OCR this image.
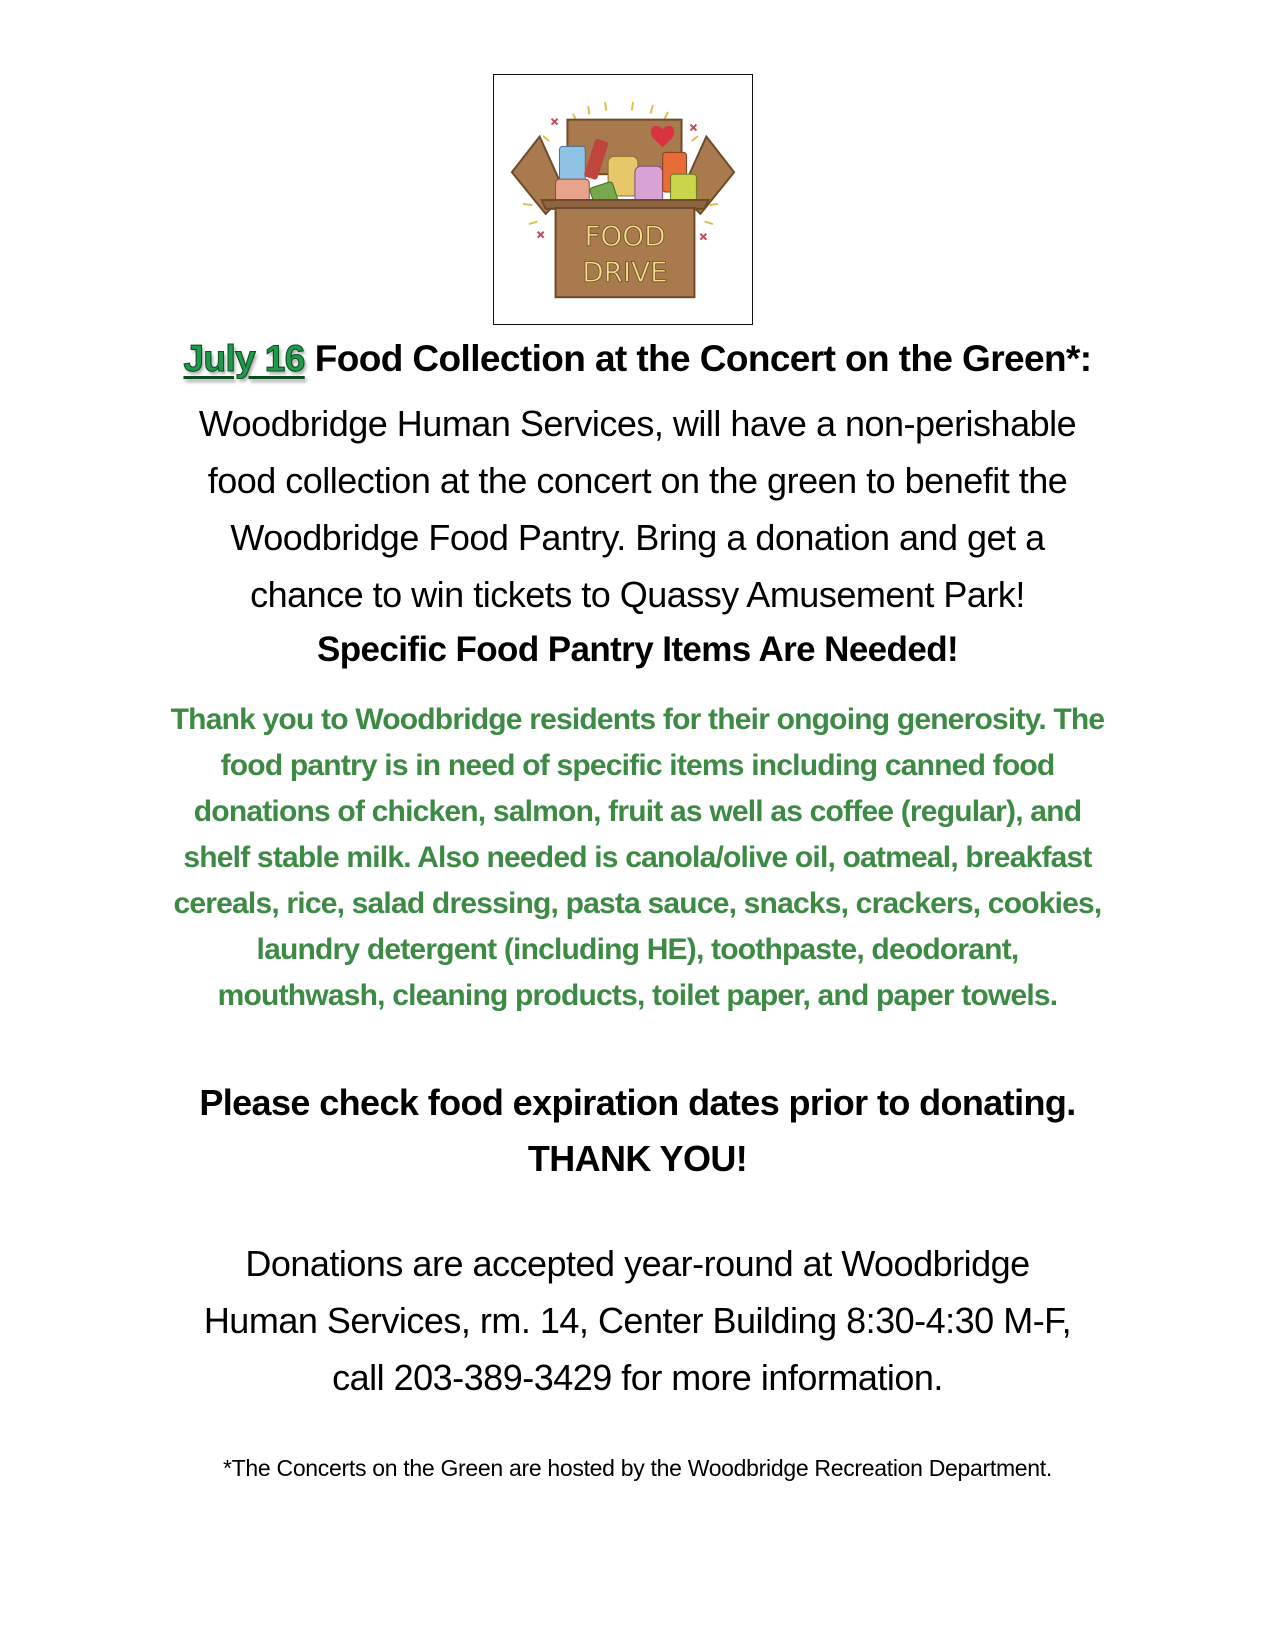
FOOD
DRIVE
July 16 Food Collection at the Concert on the Green*:
Woodbridge Human Services, will have a non-perishable
food collection at the concert on the green to benefit the
Woodbridge Food Pantry. Bring a donation and get a
chance to win tickets to Quassy Amusement Park!
Specific Food Pantry Items Are Needed!
Thank you to Woodbridge residents for their ongoing generosity. The
food pantry is in need of specific items including canned food
donations of chicken, salmon, fruit as well as coffee (regular), and
shelf stable milk. Also needed is canola/olive oil, oatmeal, breakfast
cereals, rice, salad dressing, pasta sauce, snacks, crackers, cookies,
laundry detergent (including HE), toothpaste, deodorant,
mouthwash, cleaning products, toilet paper, and paper towels.
Please check food expiration dates prior to donating.
THANK YOU!
Donations are accepted year-round at Woodbridge
Human Services, rm. 14, Center Building 8:30-4:30 M-F,
call 203-389-3429 for more information.
*The Concerts on the Green are hosted by the Woodbridge Recreation Department.
